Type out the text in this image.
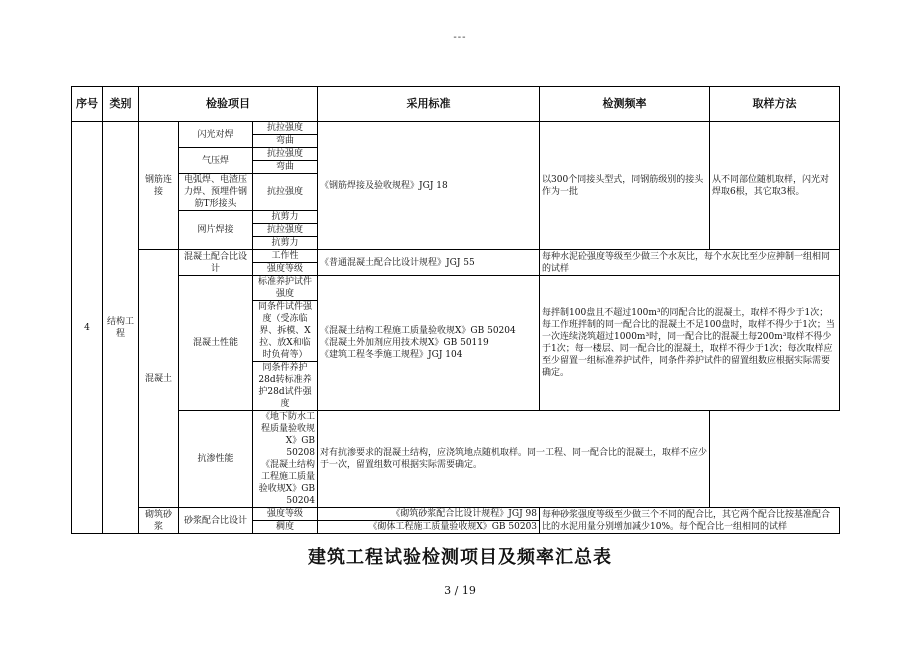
---
序号	类别	检验项目			采用标准	检测频率	取样方法
4	结构工程	钢筋连接	闪光对焊	抗拉强度	《钢筋焊接及验收规程》JGJ 18	以300个同接头型式，同钢筋级别的接头作为一批	从不同部位随机取样，闪光对焊取6根，其它取3根。
				弯曲			
			气压焊	抗拉强度			
				弯曲			
			电弧焊、电渣压力焊、预埋件钢筋T形接头	抗拉强度			

			网片焊接	抗剪力			
				抗拉强度			
				抗剪力			
		混凝土	混凝土配合比设计	工作性	《普通混凝土配合比设计规程》JGJ 55	每种水泥砼强度等级至少做三个水灰比，每个水灰比至少应抻制一组相同的试样	
				强度等级			
			混凝土性能	标准养护试件强度	《混凝土结构工程施工质量验收规X》GB 50204
《混凝土外加剂应用技术规X》GB 50119
《建筑工程冬季施工规程》JGJ 104	每拌制100盘且不超过100m³的同配合比的混凝土，取样不得少于1次；每工作班拌制的同一配合比的混凝土不足100盘时，取样不得少于1次；当一次连续浇筑超过1000m³时，同一配合比的混凝土每200m³取样不得少于1次；每一楼层、同一配合比的混凝土，取样不得少于1次；每次取样应至少留置一组标准养护试件，同条件养护试件的留置组数应根据实际需要确定。	

				同条件试件强度（受冻临界、拆模、X拉、放X和临时负荷等）			

				同条件养护28d转标准养护28d试件强度			

			抗渗性能	《地下防水工程质量验收规X》GB 50208
《混凝土结构工程施工质量验收规X》GB 50204	对有抗渗要求的混凝土结构，应浇筑地点随机取样。同一工程、同一配合比的混凝土，取样不应少于一次，留置组数可根据实际需要确定。		

		砌筑砂浆	砂浆配合比设计	强度等级	《砌筑砂浆配合比设计规程》JGJ 98	每种砂浆强度等级至少做三个不同的配合比，其它两个配合比按基准配合比的水泥用量分别增加减少10%。每个配合比一组相同的试样	
				稠度	《砌体工程施工质量验收规X》GB 50203		

建筑工程试验检测项目及频率汇总表
3 / 19
